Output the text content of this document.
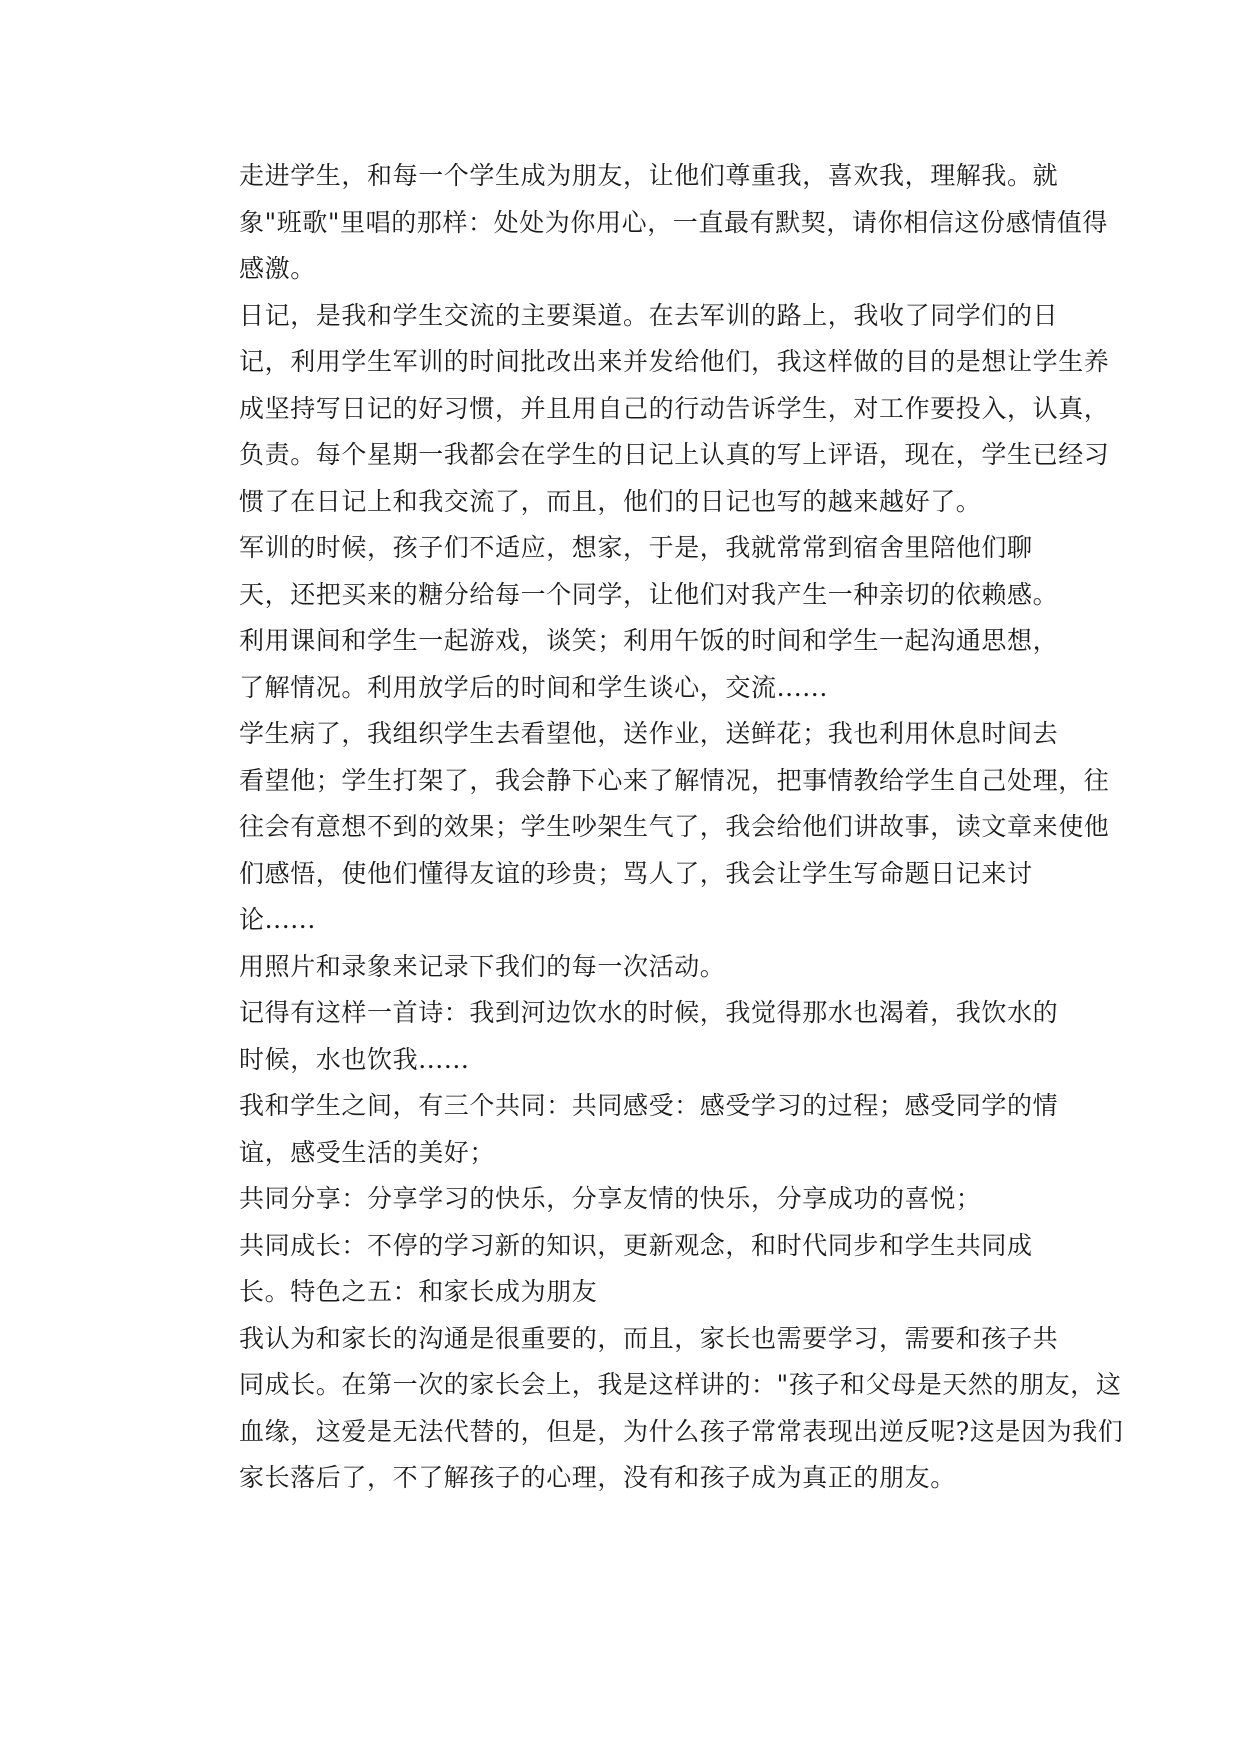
走进学生，和每一个学生成为朋友，让他们尊重我，喜欢我，理解我。就
象"班歌"里唱的那样：处处为你用心，一直最有默契，请你相信这份感情值得
感激。

日记，是我和学生交流的主要渠道。在去军训的路上，我收了同学们的日
记，利用学生军训的时间批改出来并发给他们，我这样做的目的是想让学生养
成坚持写日记的好习惯，并且用自己的行动告诉学生，对工作要投入，认真，
负责。每个星期一我都会在学生的日记上认真的写上评语，现在，学生已经习
惯了在日记上和我交流了，而且，他们的日记也写的越来越好了。

军训的时候，孩子们不适应，想家，于是，我就常常到宿舍里陪他们聊
天，还把买来的糖分给每一个同学，让他们对我产生一种亲切的依赖感。

利用课间和学生一起游戏，谈笑；利用午饭的时间和学生一起沟通思想，
了解情况。利用放学后的时间和学生谈心，交流......

学生病了，我组织学生去看望他，送作业，送鲜花；我也利用休息时间去
看望他；学生打架了，我会静下心来了解情况，把事情教给学生自己处理，往
往会有意想不到的效果；学生吵架生气了，我会给他们讲故事，读文章来使他
们感悟，使他们懂得友谊的珍贵；骂人了，我会让学生写命题日记来讨
论......

用照片和录象来记录下我们的每一次活动。

记得有这样一首诗：我到河边饮水的时候，我觉得那水也渴着，我饮水的
时候，水也饮我......

我和学生之间，有三个共同：共同感受：感受学习的过程；感受同学的情
谊，感受生活的美好；

共同分享：分享学习的快乐，分享友情的快乐，分享成功的喜悦；

共同成长：不停的学习新的知识，更新观念，和时代同步和学生共同成
长。特色之五：和家长成为朋友

我认为和家长的沟通是很重要的，而且，家长也需要学习，需要和孩子共
同成长。在第一次的家长会上，我是这样讲的："孩子和父母是天然的朋友，这
血缘，这爱是无法代替的，但是，为什么孩子常常表现出逆反呢?这是因为我们
家长落后了，不了解孩子的心理，没有和孩子成为真正的朋友。
